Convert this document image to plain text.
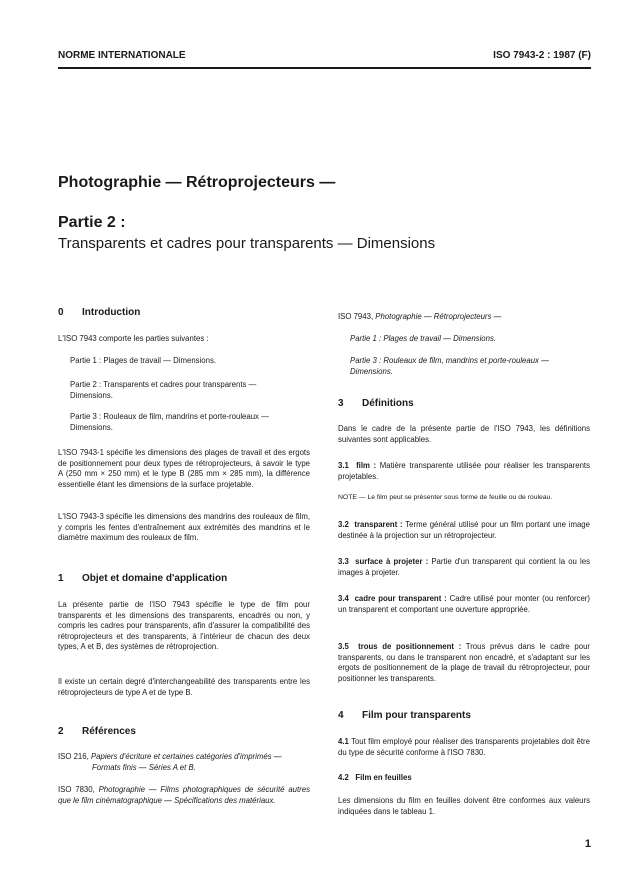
NORME INTERNATIONALE	ISO 7943-2 : 1987 (F)
Photographie — Rétroprojecteurs —
Partie 2 :
Transparents et cadres pour transparents — Dimensions
0 Introduction

L'ISO 7943 comporte les parties suivantes :

Partie 1 : Plages de travail — Dimensions.

Partie 2 : Transparents et cadres pour transparents —
Dimensions.

Partie 3 : Rouleaux de film, mandrins et porte-rouleaux —
Dimensions.

L'ISO 7943-1 spécifie les dimensions des plages de travail et des ergots de positionnement pour deux types de rétroprojecteurs, à savoir le type A (250 mm × 250 mm) et le type B (285 mm × 285 mm), la différence essentielle étant les dimensions de la surface projetable.

L'ISO 7943-3 spécifie les dimensions des mandrins des rouleaux de film, y compris les fentes d'entraînement aux extrémités des mandrins et le diamètre maximum des rouleaux de film.

1 Objet et domaine d'application

La présente partie de l'ISO 7943 spécifie le type de film pour transparents et les dimensions des transparents, encadrés ou non, y compris les cadres pour transparents, afin d'assurer la compatibilité des rétroprojecteurs et des transparents, à l'intérieur de chacun des deux types, A et B, des systèmes de rétroprojection.

Il existe un certain degré d'interchangeabilité des transparents entre les rétroprojecteurs de type A et de type B.

2 Références

ISO 216, Papiers d'écriture et certaines catégories d'imprimés —
Formats finis — Séries A et B.

ISO 7830, Photographie — Films photographiques de sécurité autres que le film cinématographique — Spécifications des matériaux.

ISO 7943, Photographie — Rétroprojecteurs —

Partie 1 : Plages de travail — Dimensions.

Partie 3 : Rouleaux de film, mandrins et porte-rouleaux —
Dimensions.

3 Définitions

Dans le cadre de la présente partie de l'ISO 7943, les définitions suivantes sont applicables.

3.1 film : Matière transparente utilisée pour réaliser les transparents projetables.

NOTE — Le film peut se présenter sous forme de feuille ou de rouleau.

3.2 transparent : Terme général utilisé pour un film portant une image destinée à la projection sur un rétroprojecteur.

3.3 surface à projeter : Partie d'un transparent qui contient la ou les images à projeter.

3.4 cadre pour transparent : Cadre utilisé pour monter (ou renforcer) un transparent et comportant une ouverture appropriée.

3.5 trous de positionnement : Trous prévus dans le cadre pour transparents, ou dans le transparent non encadré, et s'adaptant sur les ergots de positionnement de la plage de travail du rétroprojecteur, pour positionner les transparents.

4 Film pour transparents

4.1 Tout film employé pour réaliser des transparents projetables doit être du type de sécurité conforme à l'ISO 7830.

4.2 Film en feuilles

Les dimensions du film en feuilles doivent être conformes aux valeurs indiquées dans le tableau 1.

1
